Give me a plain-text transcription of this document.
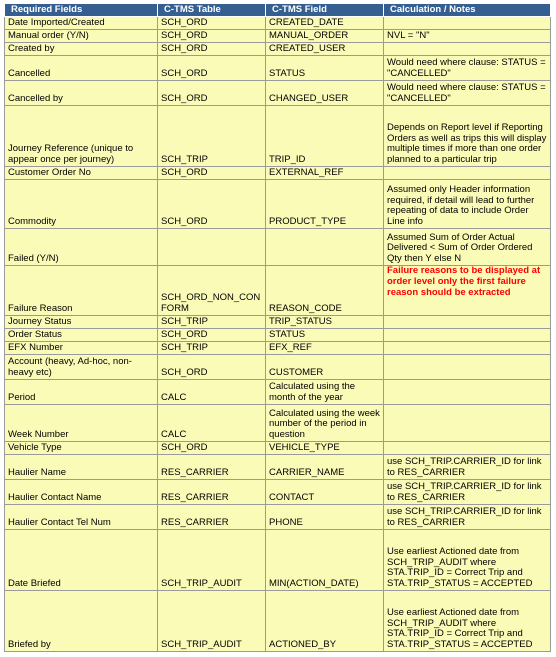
Required Fields	C-TMS Table	C-TMS Field	Calculation / Notes
Date Imported/Created	SCH_ORD	CREATED_DATE	
Manual order (Y/N)	SCH_ORD	MANUAL_ORDER	NVL = "N"
Created by	SCH_ORD	CREATED_USER	
Cancelled	SCH_ORD	STATUS	Would need where clause: STATUS = "CANCELLED"
Cancelled by	SCH_ORD	CHANGED_USER	Would need where clause: STATUS = "CANCELLED"
Journey Reference (unique to appear once per journey)	SCH_TRIP	TRIP_ID	Depends on Report level if Reporting Orders as well as trips this will display multiple times if more than one order planned to a particular trip
Customer Order No	SCH_ORD	EXTERNAL_REF	
Commodity	SCH_ORD	PRODUCT_TYPE	Assumed only Header information required, if detail will lead to further repeating of data to include Order Line info
Failed (Y/N)			Assumed Sum of Order Actual Delivered < Sum of Order Ordered Qty then Y else N
Failure Reason	SCH_ORD_NON_CONFORM	REASON_CODE	Failure reasons to be displayed at order level only the first failure reason should be extracted
Journey Status	SCH_TRIP	TRIP_STATUS	
Order Status	SCH_ORD	STATUS	
EFX Number	SCH_TRIP	EFX_REF	
Account (heavy, Ad-hoc, non-heavy etc)	SCH_ORD	CUSTOMER	
Period	CALC	Calculated using the month of the year	
Week Number	CALC	Calculated using the week number of the period in question	
Vehicle Type	SCH_ORD	VEHICLE_TYPE	
Haulier Name	RES_CARRIER	CARRIER_NAME	use SCH_TRIP.CARRIER_ID for link to RES_CARRIER
Haulier Contact Name	RES_CARRIER	CONTACT	use SCH_TRIP.CARRIER_ID for link to RES_CARRIER
Haulier Contact Tel Num	RES_CARRIER	PHONE	use SCH_TRIP.CARRIER_ID for link to RES_CARRIER
Date Briefed	SCH_TRIP_AUDIT	MIN(ACTION_DATE)	Use earliest Actioned date from SCH_TRIP_AUDIT where STA.TRIP_ID = Correct Trip and STA.TRIP_STATUS = ACCEPTED
Briefed by	SCH_TRIP_AUDIT	ACTIONED_BY	Use earliest Actioned date from SCH_TRIP_AUDIT where STA.TRIP_ID = Correct Trip and STA.TRIP_STATUS = ACCEPTED
